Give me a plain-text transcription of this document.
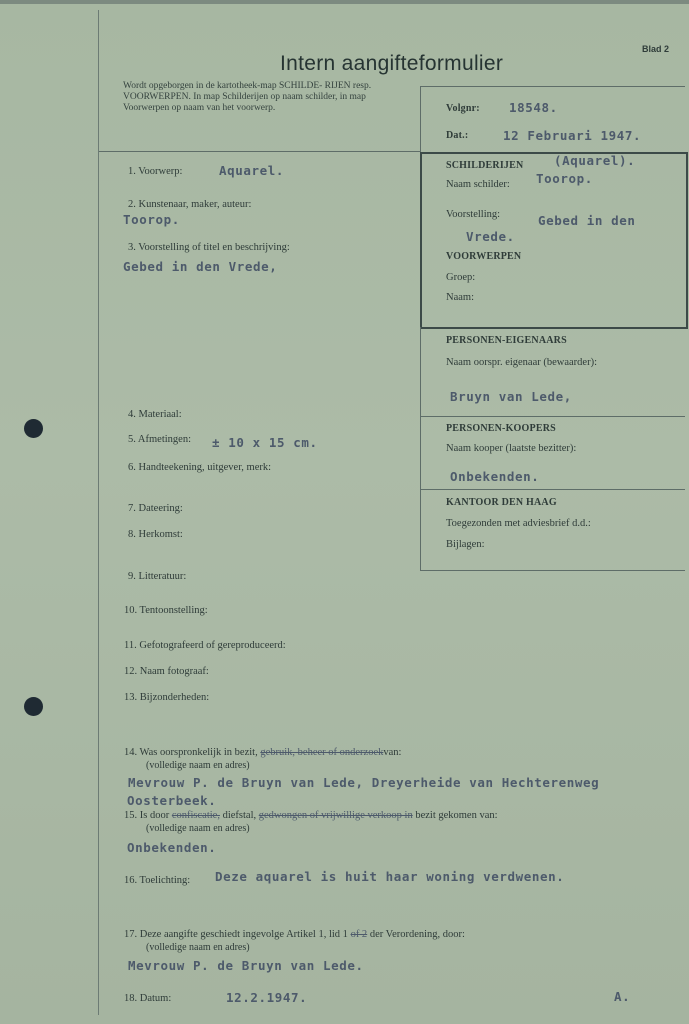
Blad 2
Intern aangifteformulier
Wordt opgeborgen in de kartotheek-map SCHILDE- RIJEN resp. VOORWERPEN. In map Schilderijen op naam schilder, in map Voorwerpen op naam van het voorwerp.	Volgnr: 18548.
Dat.:	12 Februari 1947.
SCHILDERIJEN (Aquarel).
Naam schilder: Toorop.
Voorstelling:	Gebed in den
Vrede.
VOORWERPEN
Groep:
Naam:
PERSONEN-EIGENAARS
Naam oorspr. eigenaar (bewaarder):
Bruyn van Lede,
PERSONEN-KOOPERS
Naam kooper (laatste bezitter):
Onbekenden.
KANTOOR DEN HAAG
Toegezonden met adviesbrief d.d.:
Bijlagen:
1. Voorwerp:	Aquarel.
2. Kunstenaar, maker, auteur:
Toorop.
3. Voorstelling of titel en beschrijving:
Gebed in den Vrede,
4. Materiaal:
5. Afmetingen: ± 10 x 15 cm.
6. Handteekening, uitgever, merk:
7. Dateering:
8. Herkomst:
9. Litteratuur:
10. Tentoonstelling:
11. Gefotografeerd of gereproduceerd:
12. Naam fotograaf:
13. Bijzonderheden:
14. Was oorspronkelijk in bezit, gebruik, beheer of onderzoekvan:
(volledige naam en adres)
Mevrouw P. de Bruyn van Lede, Dreyerheide van Hechterenweg
Oosterbeek.
15. Is door confiscatie, diefstal, gedwongen of vrijwillige verkoop in bezit gekomen van:
(volledige naam en adres)
Onbekenden.
16. Toelichting: Deze aquarel is huit haar woning verdwenen.
17. Deze aangifte geschiedt ingevolge Artikel 1, lid 1 of 2 der Verordening, door:
(volledige naam en adres)
Mevrouw P. de Bruyn van Lede.
18. Datum:	12.2.1947.	A.
